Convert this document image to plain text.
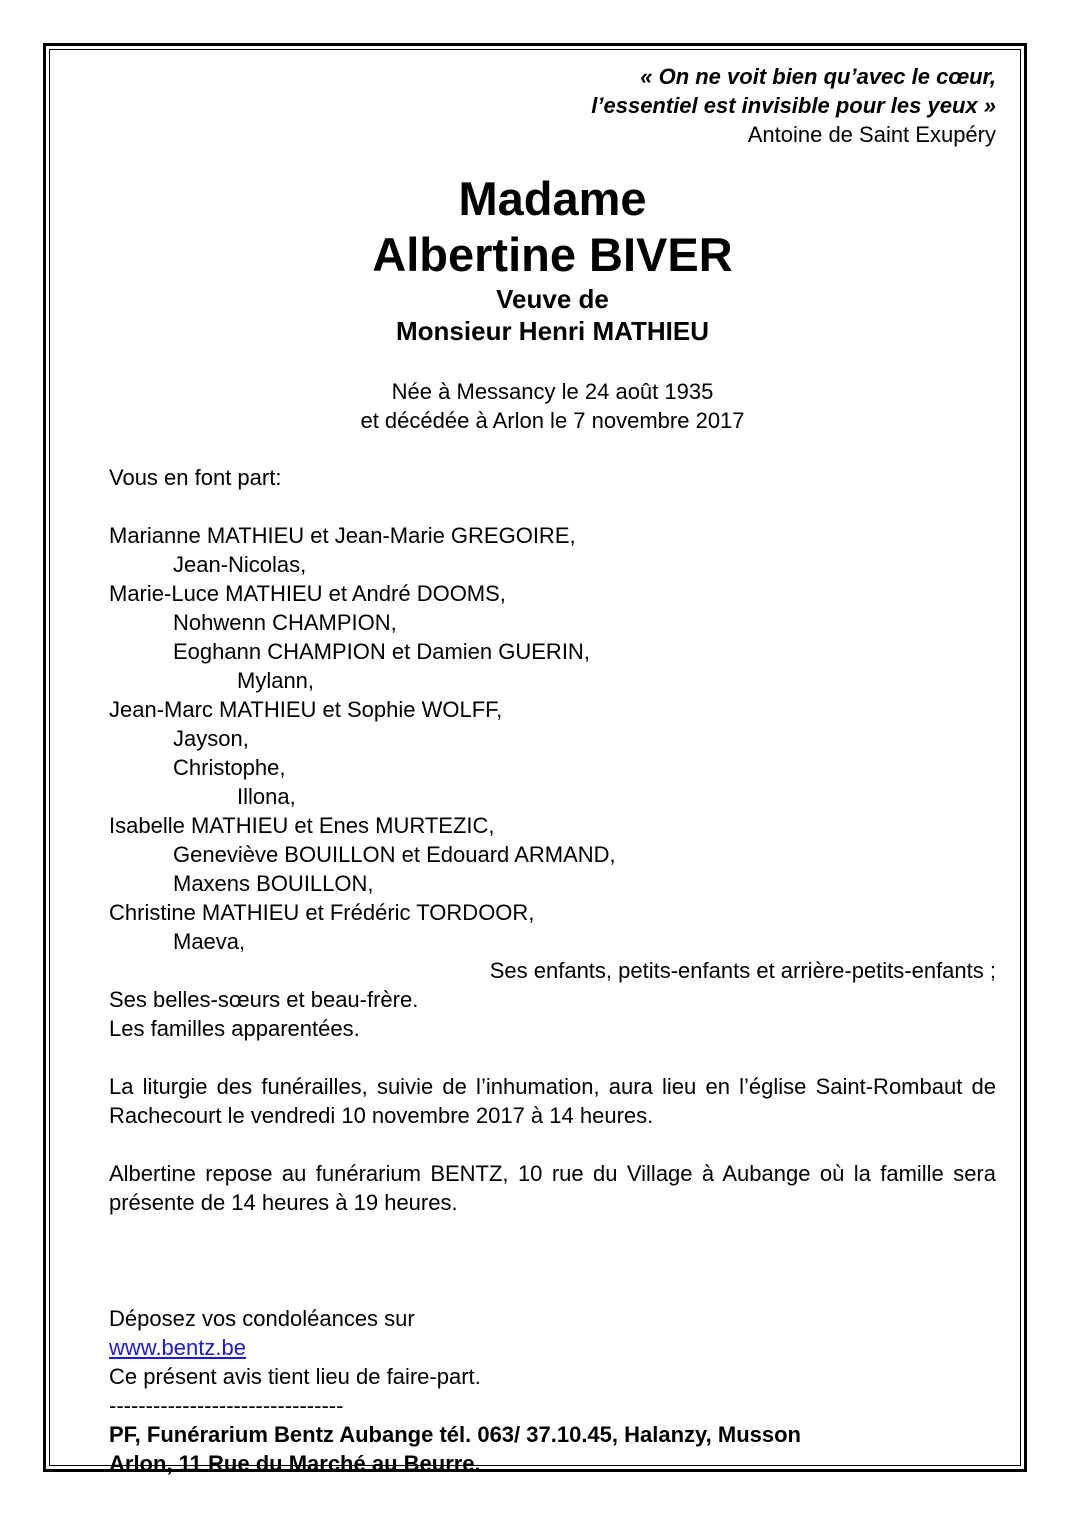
« On ne voit bien qu’avec le cœur,
l’essentiel est invisible pour les yeux »
Antoine de Saint Exupéry
Madame
Albertine BIVER
Veuve de
Monsieur Henri MATHIEU
Née à Messancy le 24 août 1935
et décédée à Arlon le 7 novembre 2017
Vous en font part:
Marianne MATHIEU et Jean-Marie GREGOIRE,
Jean-Nicolas,
Marie-Luce MATHIEU et André DOOMS,
Nohwenn CHAMPION,
Eoghann CHAMPION et Damien GUERIN,
Mylann,
Jean-Marc MATHIEU et Sophie WOLFF,
Jayson,
Christophe,
Illona,
Isabelle MATHIEU et Enes MURTEZIC,
Geneviève BOUILLON et Edouard ARMAND,
Maxens BOUILLON,
Christine MATHIEU et Frédéric TORDOOR,
Maeva,
Ses enfants, petits-enfants et arrière-petits-enfants ;
Ses belles-sœurs et beau-frère.
Les familles apparentées.
La liturgie des funérailles, suivie de l’inhumation, aura lieu en l’église Saint-Rombaut de Rachecourt le vendredi 10 novembre 2017 à 14 heures.
Albertine repose au funérarium BENTZ, 10 rue du Village à Aubange où la famille sera présente de 14 heures à 19 heures.
Déposez vos condoléances sur
www.bentz.be
Ce présent avis tient lieu de faire-part.
--------------------------------
PF, Funérarium Bentz Aubange tél. 063/ 37.10.45, Halanzy, Musson
Arlon, 11 Rue du Marché au Beurre.
